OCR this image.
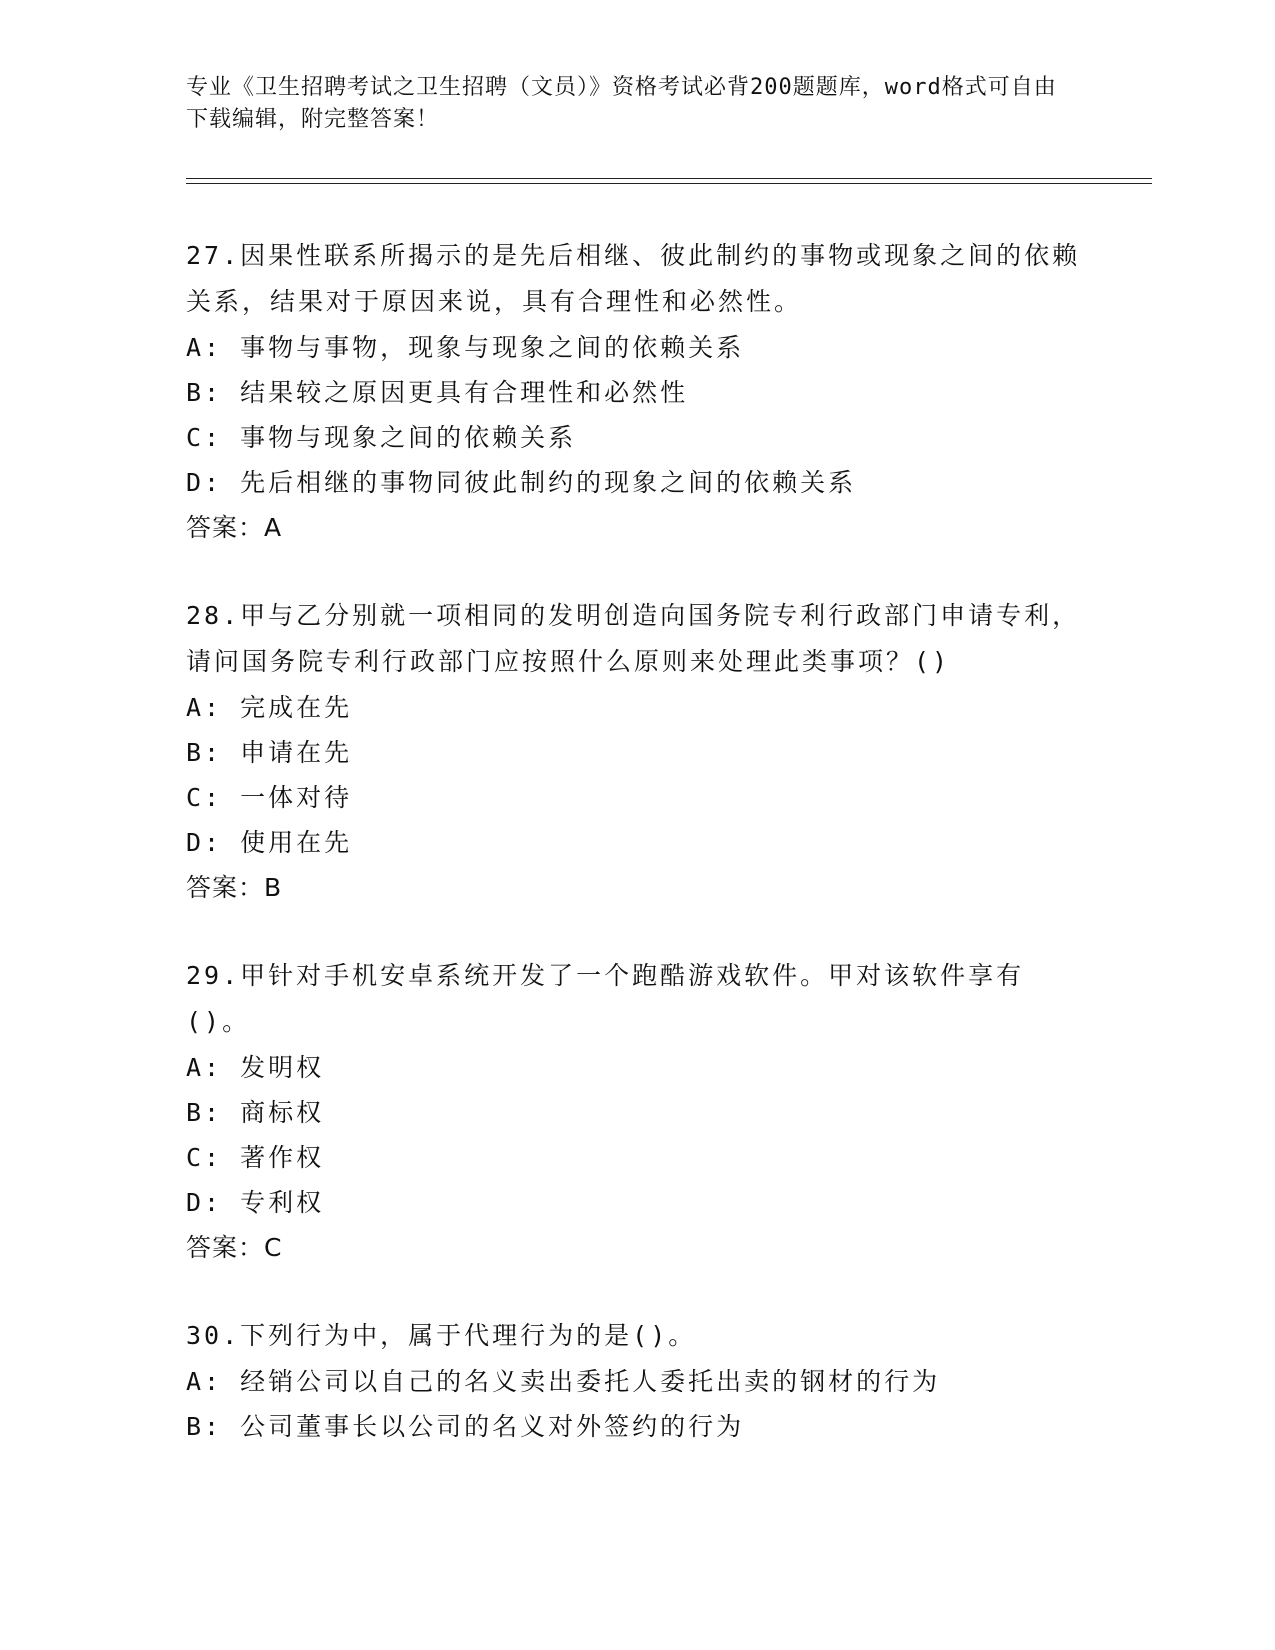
专业《卫生招聘考试之卫生招聘（文员）》资格考试必背200题题库，word格式可自由下载编辑，附完整答案！
27.因果性联系所揭示的是先后相继、彼此制约的事物或现象之间的依赖关系，结果对于原因来说，具有合理性和必然性。
A: 事物与事物，现象与现象之间的依赖关系
B: 结果较之原因更具有合理性和必然性
C: 事物与现象之间的依赖关系
D: 先后相继的事物同彼此制约的现象之间的依赖关系
答案：A
28.甲与乙分别就一项相同的发明创造向国务院专利行政部门申请专利，请问国务院专利行政部门应按照什么原则来处理此类事项？()
A: 完成在先
B: 申请在先
C: 一体对待
D: 使用在先
答案：B
29.甲针对手机安卓系统开发了一个跑酷游戏软件。甲对该软件享有()。
A: 发明权
B: 商标权
C: 著作权
D: 专利权
答案：C
30.下列行为中，属于代理行为的是()。
A: 经销公司以自己的名义卖出委托人委托出卖的钢材的行为
B: 公司董事长以公司的名义对外签约的行为
